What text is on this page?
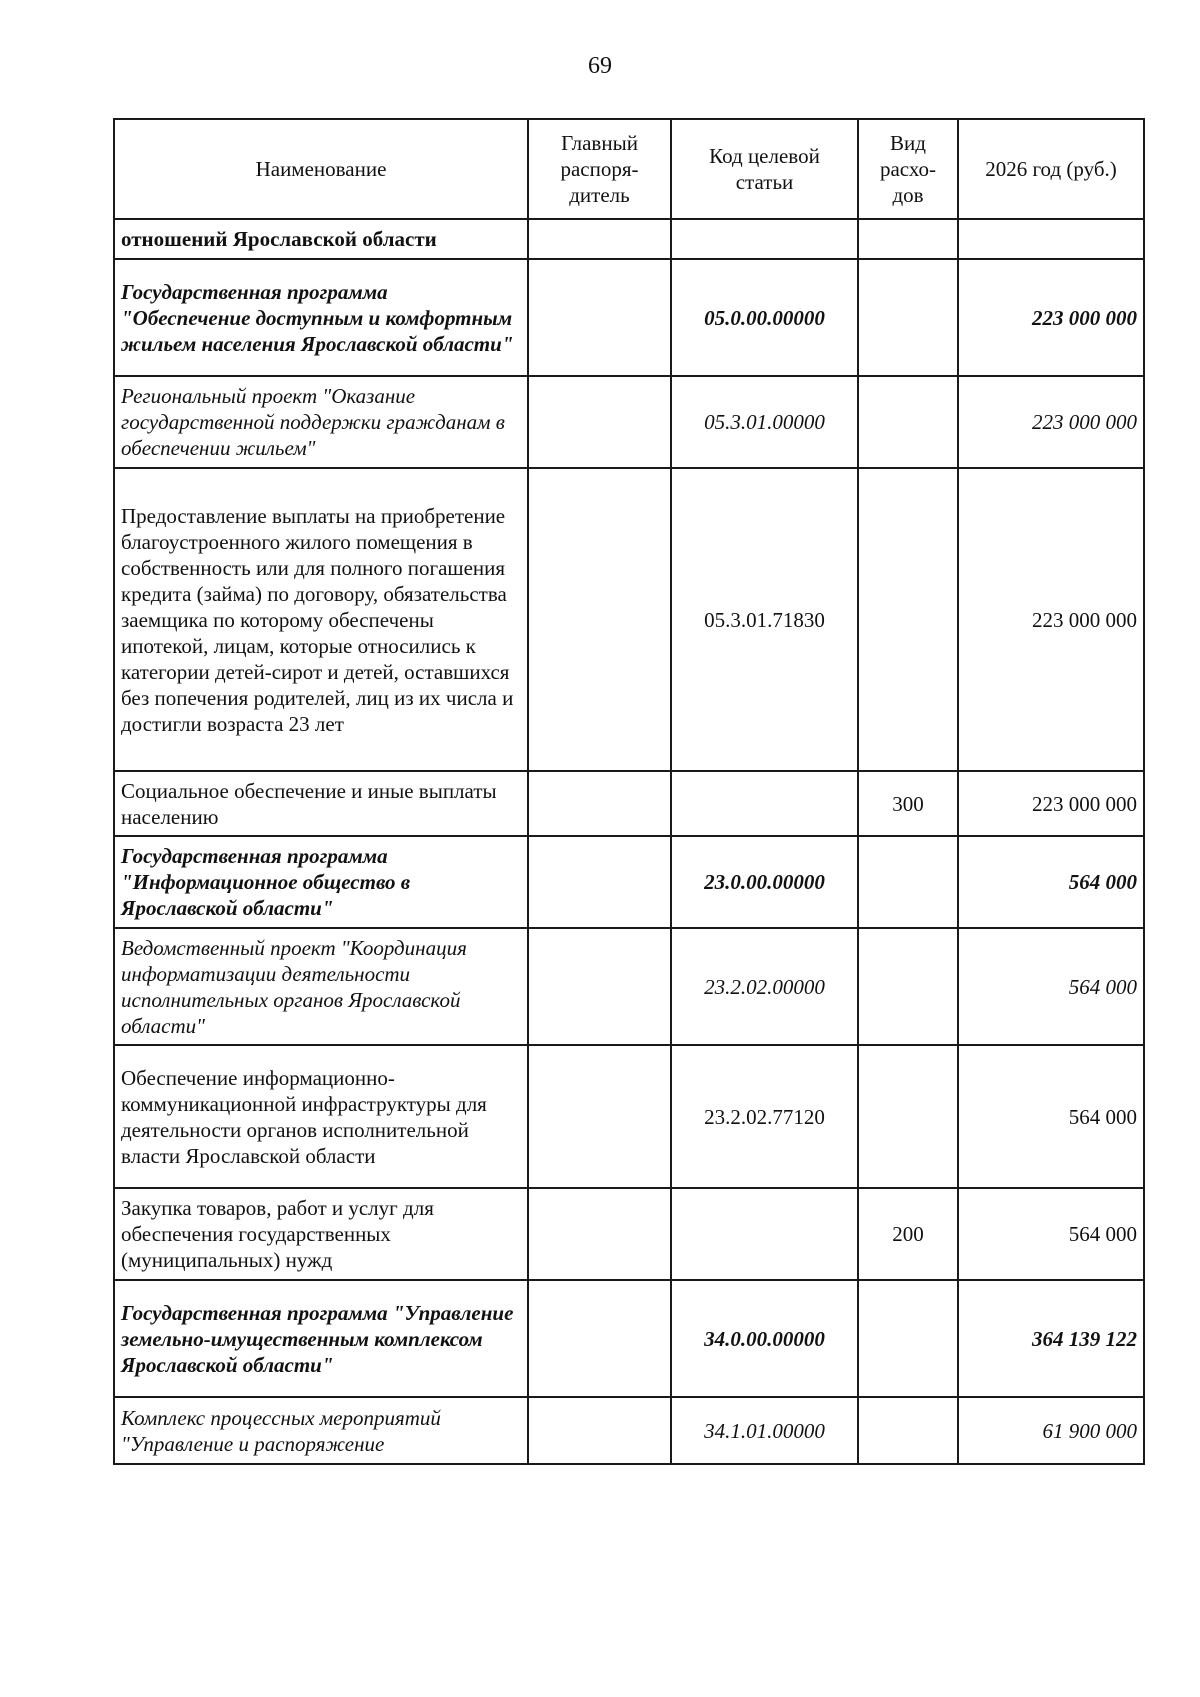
69
Наименование	Главный распоря-дитель	Код целевой статьи	Вид расхо-дов	2026 год (руб.)
отношений Ярославской области				
Государственная программа "Обеспечение доступным и комфортным жильем населения Ярославской области"		05.0.00.00000		223 000 000
Региональный проект "Оказание государственной поддержки гражданам в обеспечении жильем"		05.3.01.00000		223 000 000
Предоставление выплаты на приобретение благоустроенного жилого помещения в собственность или для полного погашения кредита (займа) по договору, обязательства заемщика по которому обеспечены ипотекой, лицам, которые относились к категории детей-сирот и детей, оставшихся без попечения родителей, лиц из их числа и достигли возраста 23 лет		05.3.01.71830		223 000 000
Социальное обеспечение и иные выплаты населению			300	223 000 000
Государственная программа "Информационное общество в Ярославской области"		23.0.00.00000		564 000
Ведомственный проект "Координация информатизации деятельности исполнительных органов Ярославской области"		23.2.02.00000		564 000
Обеспечение информационно-коммуникационной инфраструктуры для деятельности органов исполнительной власти Ярославской области		23.2.02.77120		564 000
Закупка товаров, работ и услуг для обеспечения государственных (муниципальных) нужд			200	564 000
Государственная программа "Управление земельно-имущественным комплексом Ярославской области"		34.0.00.00000		364 139 122
Комплекс процессных мероприятий "Управление и распоряжение		34.1.01.00000		61 900 000
